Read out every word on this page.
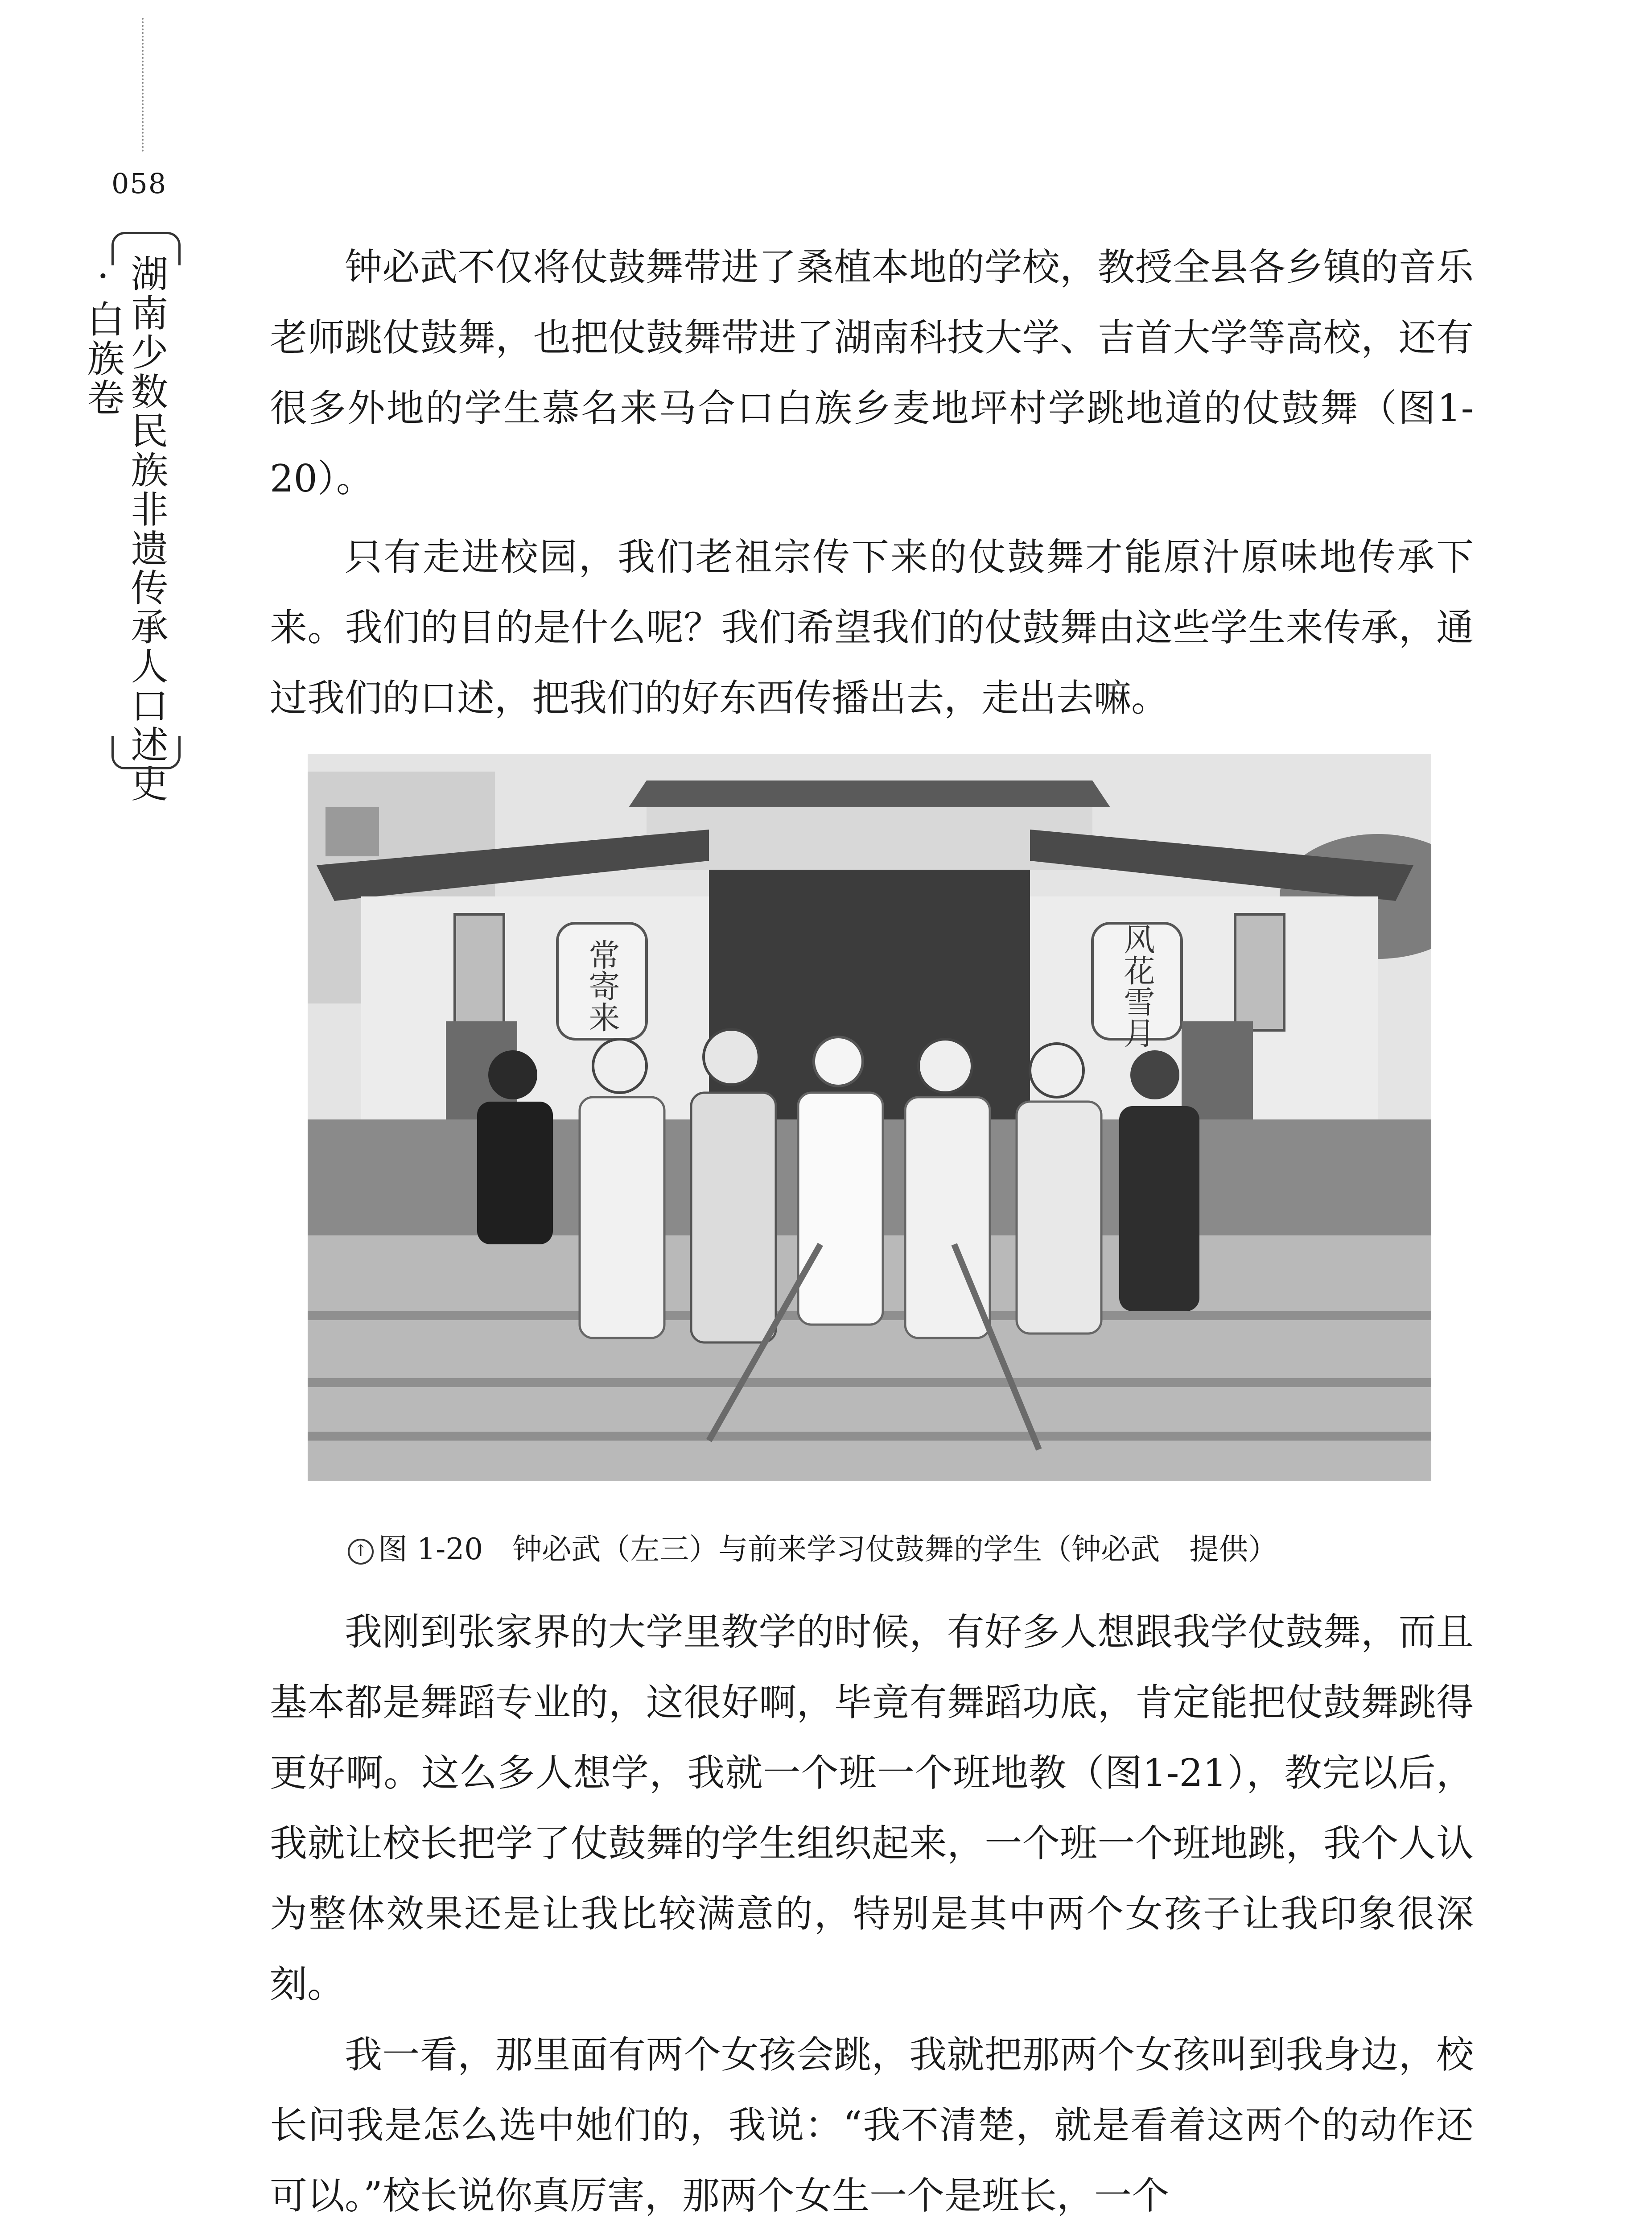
058
湖南少数民族非遗传承人口述史·白族卷	钟必武不仅将仗鼓舞带进了桑植本地的学校，教授全县各乡镇的音乐老师跳仗鼓舞，也把仗鼓舞带进了湖南科技大学、吉首大学等高校，还有很多外地的学生慕名来马合口白族乡麦地坪村学跳地道的仗鼓舞（图1-20）。

只有走进校园，我们老祖宗传下来的仗鼓舞才能原汁原味地传承下来。我们的目的是什么呢？我们希望我们的仗鼓舞由这些学生来传承，通过我们的口述，把我们的好东西传播出去，走出去嘛。

常寄来	风花雪月
↑ 图 1-20　钟必武（左三）与前来学习仗鼓舞的学生（钟必武　提供）

我刚到张家界的大学里教学的时候，有好多人想跟我学仗鼓舞，而且基本都是舞蹈专业的，这很好啊，毕竟有舞蹈功底，肯定能把仗鼓舞跳得更好啊。这么多人想学，我就一个班一个班地教（图1-21），教完以后，我就让校长把学了仗鼓舞的学生组织起来，一个班一个班地跳，我个人认为整体效果还是让我比较满意的，特别是其中两个女孩子让我印象很深刻。

我一看，那里面有两个女孩会跳，我就把那两个女孩叫到我身边，校长问我是怎么选中她们的，我说：“我不清楚，就是看着这两个的动作还可以。”校长说你真厉害，那两个女生一个是班长，一个
